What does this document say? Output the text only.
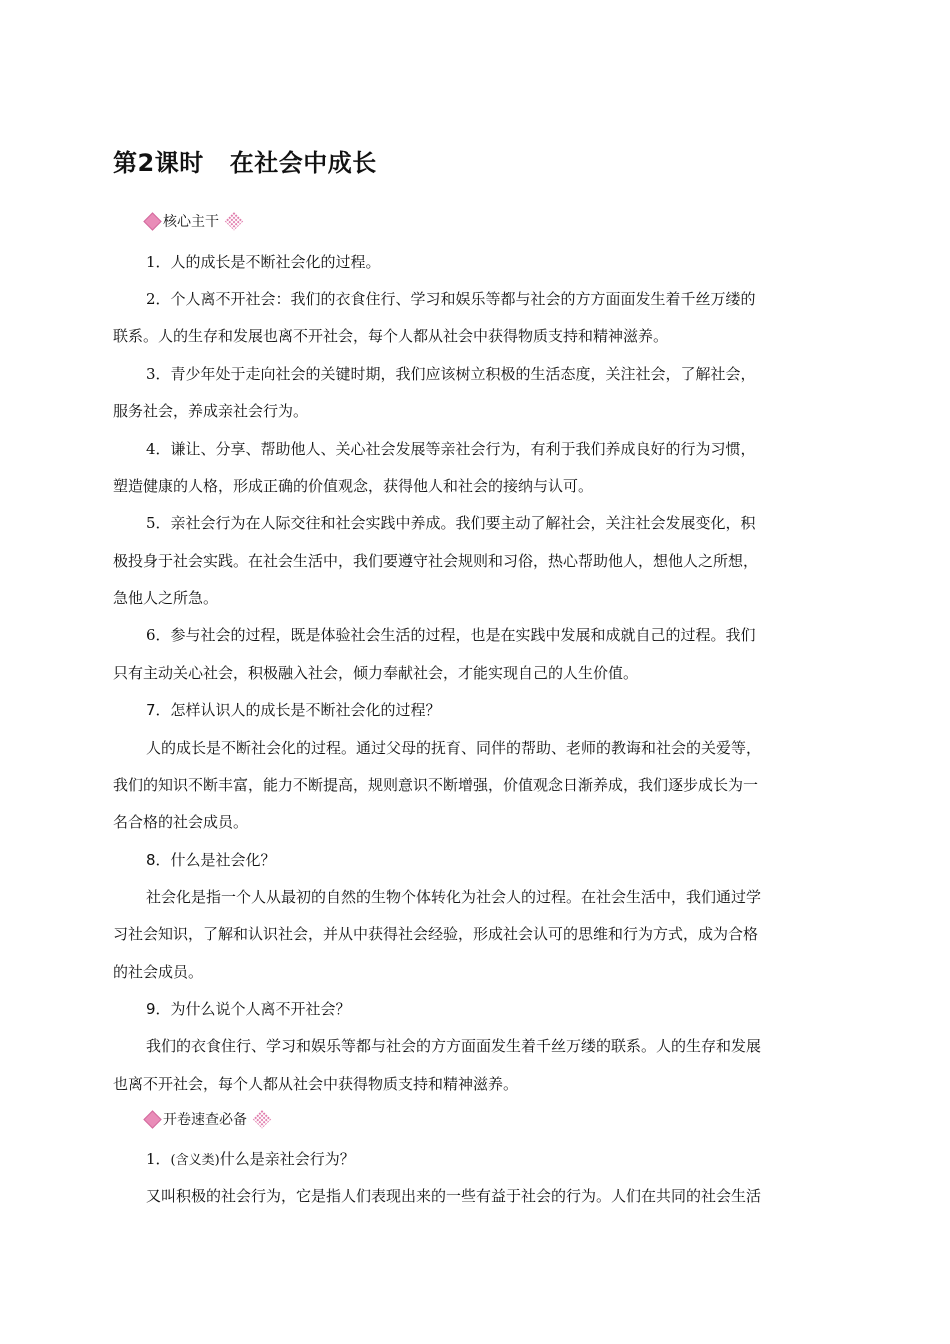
第2课时 在社会中成长
核心主干
1．人的成长是不断社会化的过程。
2．个人离不开社会：我们的衣食住行、学习和娱乐等都与社会的方方面面发生着千丝万缕的
联系。人的生存和发展也离不开社会，每个人都从社会中获得物质支持和精神滋养。
3．青少年处于走向社会的关键时期，我们应该树立积极的生活态度，关注社会，了解社会，
服务社会，养成亲社会行为。
4．谦让、分享、帮助他人、关心社会发展等亲社会行为，有利于我们养成良好的行为习惯，
塑造健康的人格，形成正确的价值观念，获得他人和社会的接纳与认可。
5．亲社会行为在人际交往和社会实践中养成。我们要主动了解社会，关注社会发展变化，积
极投身于社会实践。在社会生活中，我们要遵守社会规则和习俗，热心帮助他人，想他人之所想，
急他人之所急。
6．参与社会的过程，既是体验社会生活的过程，也是在实践中发展和成就自己的过程。我们
只有主动关心社会，积极融入社会，倾力奉献社会，才能实现自己的人生价值。
7．怎样认识人的成长是不断社会化的过程？
人的成长是不断社会化的过程。通过父母的抚育、同伴的帮助、老师的教诲和社会的关爱等，
我们的知识不断丰富，能力不断提高，规则意识不断增强，价值观念日渐养成，我们逐步成长为一
名合格的社会成员。
8．什么是社会化？
社会化是指一个人从最初的自然的生物个体转化为社会人的过程。在社会生活中，我们通过学
习社会知识，了解和认识社会，并从中获得社会经验，形成社会认可的思维和行为方式，成为合格
的社会成员。
9．为什么说个人离不开社会？
我们的衣食住行、学习和娱乐等都与社会的方方面面发生着千丝万缕的联系。人的生存和发展
也离不开社会，每个人都从社会中获得物质支持和精神滋养。
开卷速查必备
1．(含义类)什么是亲社会行为？
又叫积极的社会行为，它是指人们表现出来的一些有益于社会的行为。人们在共同的社会生活
